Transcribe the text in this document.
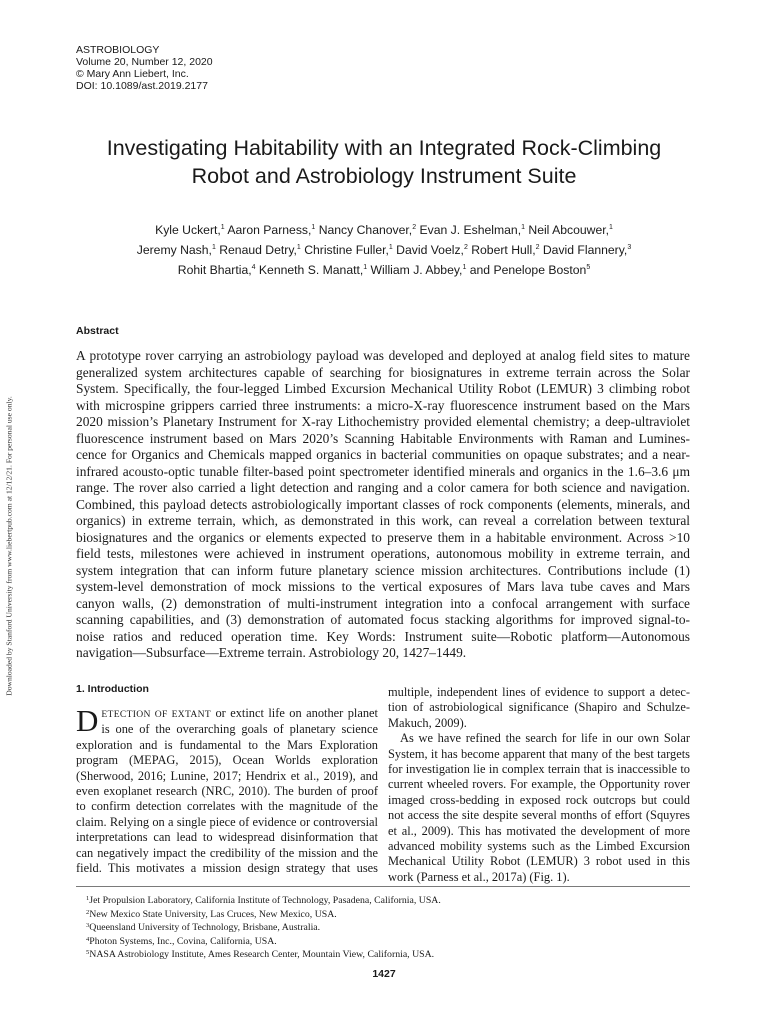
ASTROBIOLOGY
Volume 20, Number 12, 2020
© Mary Ann Liebert, Inc.
DOI: 10.1089/ast.2019.2177
Downloaded by Stanford University from www.liebertpub.com at 12/12/21. For personal use only.
Investigating Habitability with an Integrated Rock-Climbing
Robot and Astrobiology Instrument Suite
Kyle Uckert,$^1$ Aaron Parness,$^1$ Nancy Chanover,$^2$ Evan J. Eshelman,$^1$ Neil Abcouwer,$^1$
Jeremy Nash,$^1$ Renaud Detry,$^1$ Christine Fuller,$^1$ David Voelz,$^2$ Robert Hull,$^2$ David Flannery,$^3$
Rohit Bhartia,$^4$ Kenneth S. Manatt,$^1$ William J. Abbey,$^1$ and Penelope Boston$^5$
Abstract
A prototype rover carrying an astrobiology payload was developed and deployed at analog field sites to mature
generalized system architectures capable of searching for biosignatures in extreme terrain across the Solar
System. Specifically, the four-legged Limbed Excursion Mechanical Utility Robot (LEMUR) 3 climbing robot
with microspine grippers carried three instruments: a micro-X-ray fluorescence instrument based on the Mars
2020 mission’s Planetary Instrument for X-ray Lithochemistry provided elemental chemistry; a deep-ultraviolet
fluorescence instrument based on Mars 2020’s Scanning Habitable Environments with Raman and Lumines-
cence for Organics and Chemicals mapped organics in bacterial communities on opaque substrates; and a near-
infrared acousto-optic tunable filter-based point spectrometer identified minerals and organics in the 1.6–3.6 μm
range. The rover also carried a light detection and ranging and a color camera for both science and navigation.
Combined, this payload detects astrobiologically important classes of rock components (elements, minerals, and
organics) in extreme terrain, which, as demonstrated in this work, can reveal a correlation between textural
biosignatures and the organics or elements expected to preserve them in a habitable environment. Across >10
field tests, milestones were achieved in instrument operations, autonomous mobility in extreme terrain, and
system integration that can inform future planetary science mission architectures. Contributions include (1)
system-level demonstration of mock missions to the vertical exposures of Mars lava tube caves and Mars
canyon walls, (2) demonstration of multi-instrument integration into a confocal arrangement with surface
scanning capabilities, and (3) demonstration of automated focus stacking algorithms for improved signal-to-
noise ratios and reduced operation time. Key Words: Instrument suite—Robotic platform—Autonomous
navigation—Subsurface—Extreme terrain. Astrobiology 20, 1427–1449.
1. Introduction
D ETECTION OF EXTANT or extinct life on another planet
is one of the overarching goals of planetary science
exploration and is fundamental to the Mars Exploration
program (MEPAG, 2015), Ocean Worlds exploration
(Sherwood, 2016; Lunine, 2017; Hendrix et al., 2019), and
even exoplanet research (NRC, 2010). The burden of proof
to confirm detection correlates with the magnitude of the
claim. Relying on a single piece of evidence or controversial
interpretations can lead to widespread disinformation that
can negatively impact the credibility of the mission and the
field. This motivates a mission design strategy that uses
multiple, independent lines of evidence to support a detec-
tion of astrobiological significance (Shapiro and Schulze-
Makuch, 2009).
As we have refined the search for life in our own Solar
System, it has become apparent that many of the best targets
for investigation lie in complex terrain that is inaccessible to
current wheeled rovers. For example, the Opportunity rover
imaged cross-bedding in exposed rock outcrops but could
not access the site despite several months of effort (Squyres
et al., 2009). This has motivated the development of more
advanced mobility systems such as the Limbed Excursion
Mechanical Utility Robot (LEMUR) 3 robot used in this
work (Parness et al., 2017a) (Fig. 1).
$^1$Jet Propulsion Laboratory, California Institute of Technology, Pasadena, California, USA.
$^2$New Mexico State University, Las Cruces, New Mexico, USA.
$^3$Queensland University of Technology, Brisbane, Australia.
$^4$Photon Systems, Inc., Covina, California, USA.
$^5$NASA Astrobiology Institute, Ames Research Center, Mountain View, California, USA.
1427
